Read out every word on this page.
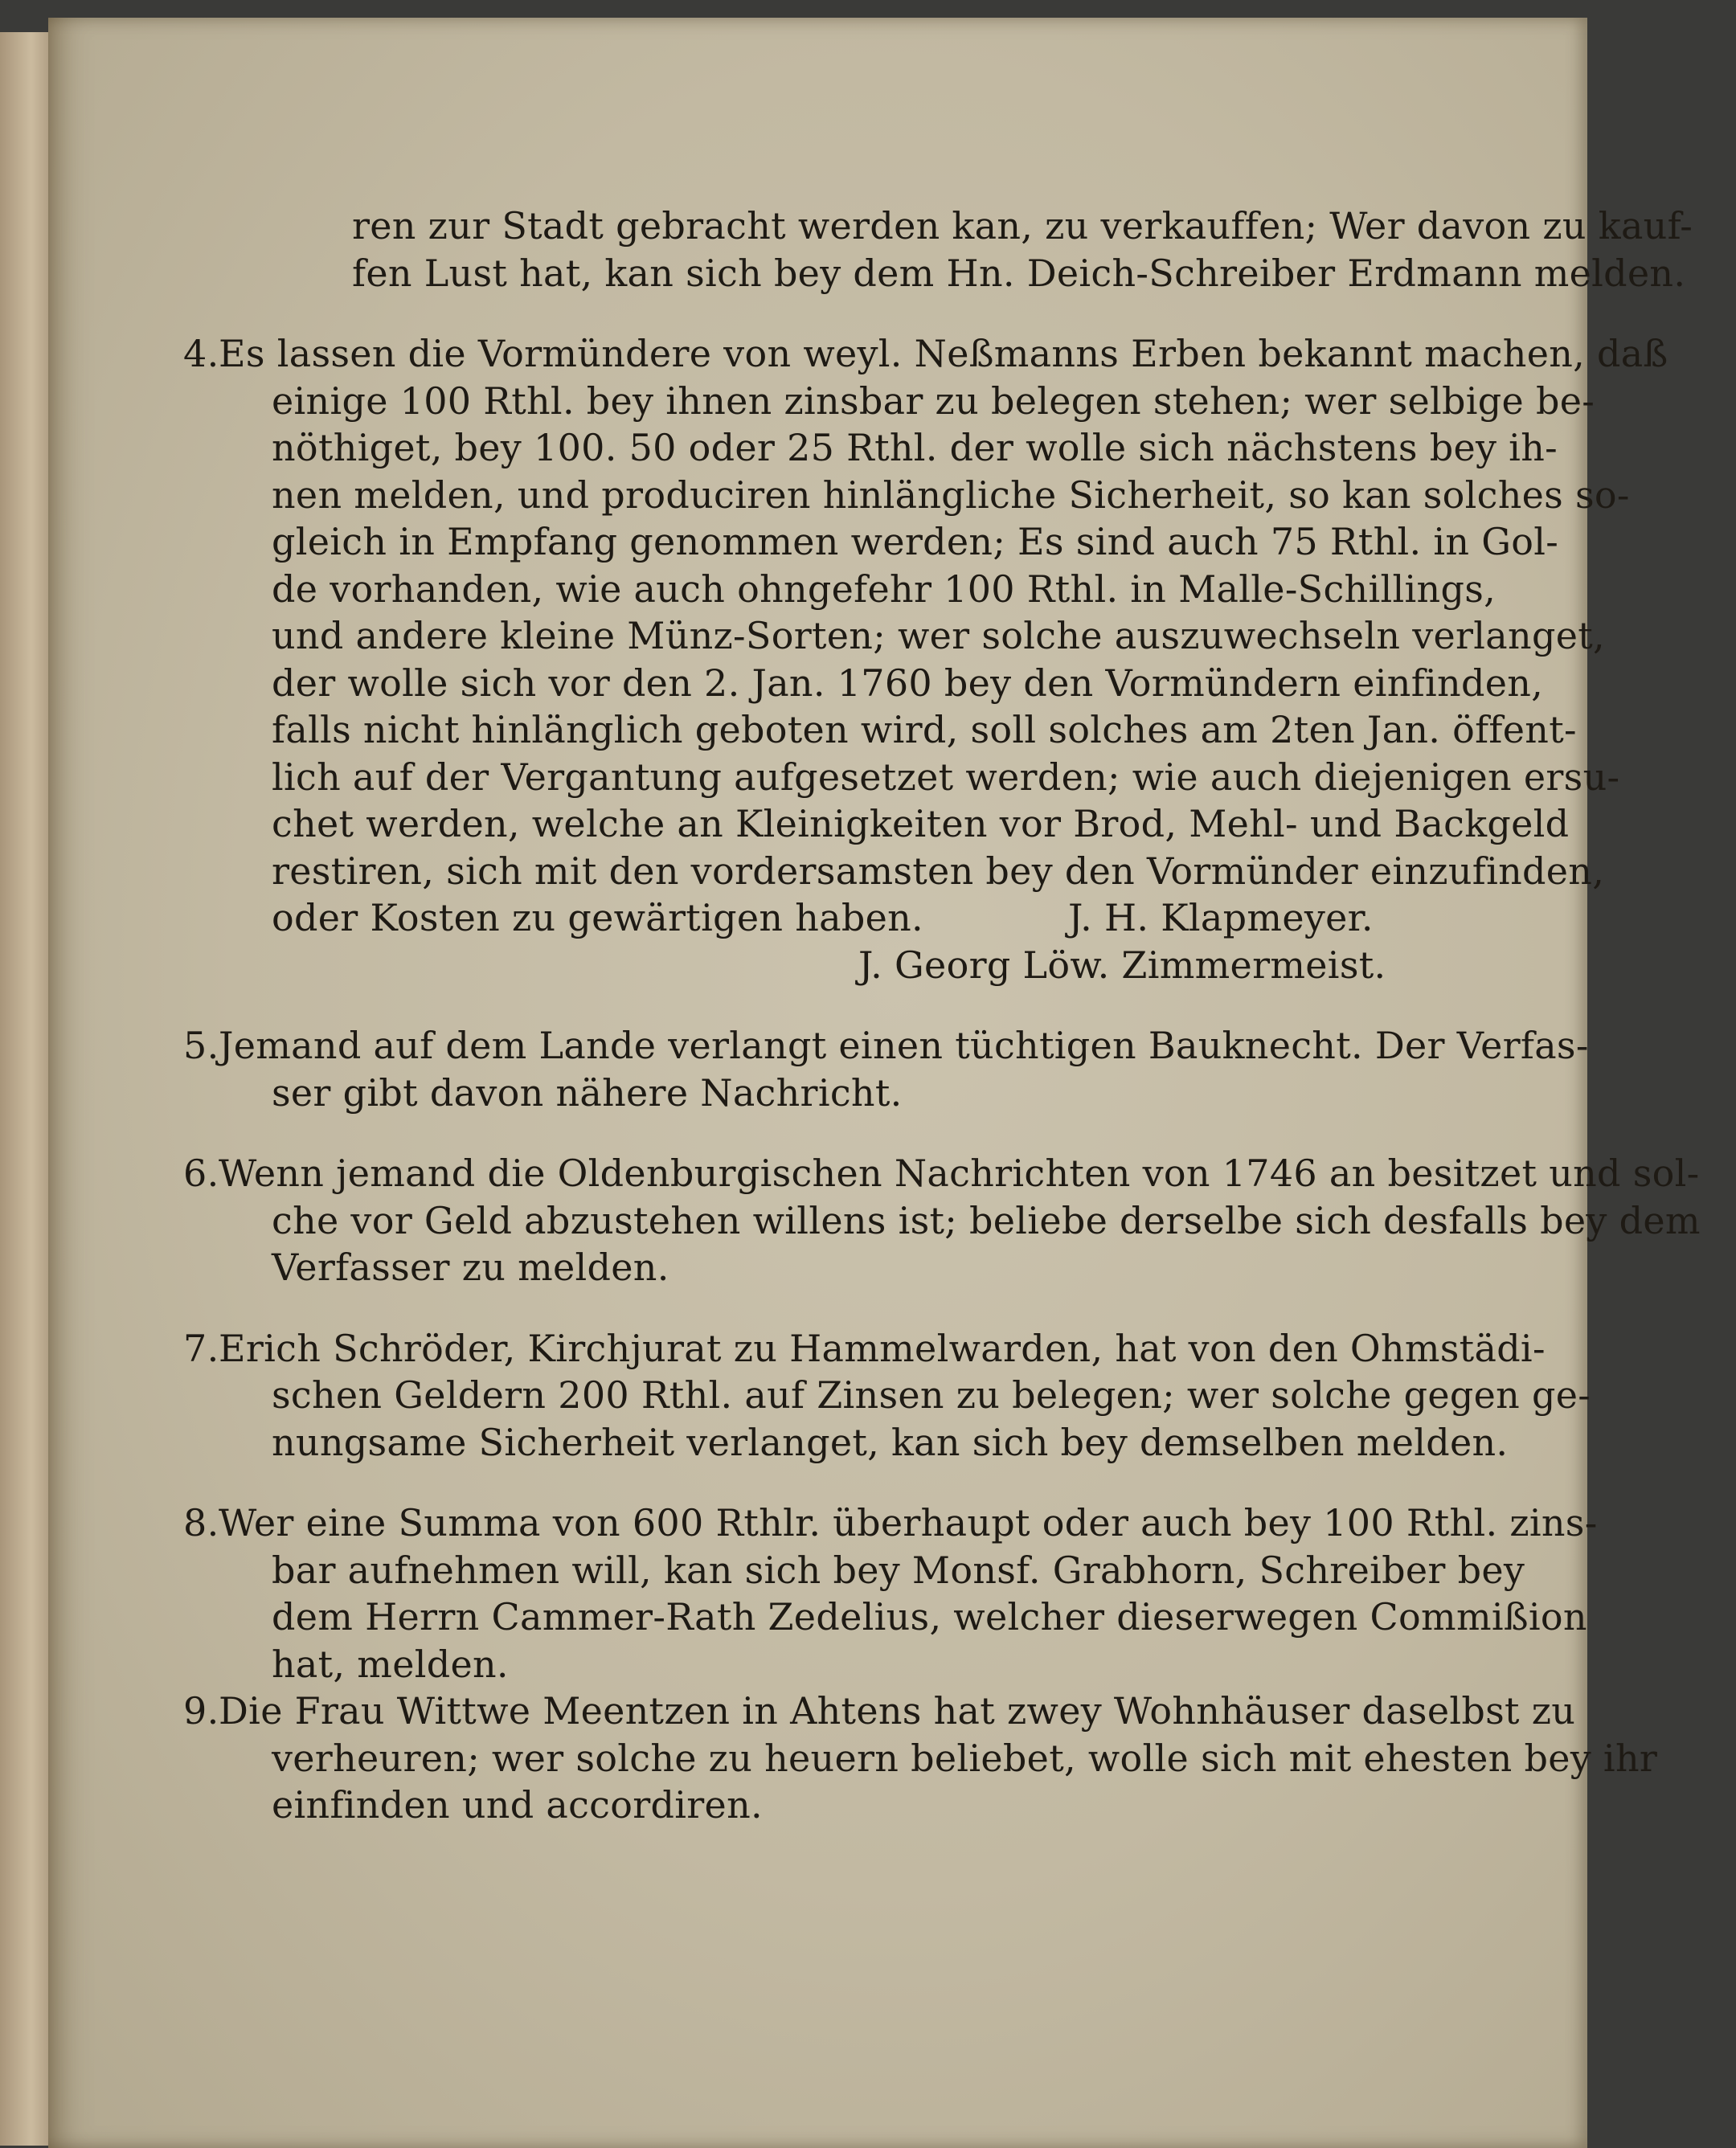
ren zur Stadt gebracht werden kan, zu verkauffen; Wer davon zu kauf-
fen Lust hat, kan sich bey dem Hn. Deich-Schreiber Erdmann melden.
4. Es lassen die Vormündere von weyl. Neßmanns Erben bekannt machen, daß
einige 100 Rthl. bey ihnen zinsbar zu belegen stehen; wer selbige be-
nöthiget, bey 100. 50 oder 25 Rthl. der wolle sich nächstens bey ih-
nen melden, und produciren hinlängliche Sicherheit, so kan solches so-
gleich in Empfang genommen werden; Es sind auch 75 Rthl. in Gol-
de vorhanden, wie auch ohngefehr 100 Rthl. in Malle-Schillings,
und andere kleine Münz-Sorten; wer solche auszuwechseln verlanget,
der wolle sich vor den 2. Jan. 1760 bey den Vormündern einfinden,
falls nicht hinlänglich geboten wird, soll solches am 2ten Jan. öffent-
lich auf der Vergantung aufgesetzet werden; wie auch diejenigen ersu-
chet werden, welche an Kleinigkeiten vor Brod, Mehl- und Backgeld
restiren, sich mit den vordersamsten bey den Vormünder einzufinden,
oder Kosten zu gewärtigen haben.	J. H. Klapmeyer.
J. Georg Löw. Zimmermeist.
5. Jemand auf dem Lande verlangt einen tüchtigen Bauknecht. Der Verfas-
ser gibt davon nähere Nachricht.
6. Wenn jemand die Oldenburgischen Nachrichten von 1746 an besitzet und sol-
che vor Geld abzustehen willens ist; beliebe derselbe sich desfalls bey dem
Verfasser zu melden.
7. Erich Schröder, Kirchjurat zu Hammelwarden, hat von den Ohmstädi-
schen Geldern 200 Rthl. auf Zinsen zu belegen; wer solche gegen ge-
nungsame Sicherheit verlanget, kan sich bey demselben melden.
8. Wer eine Summa von 600 Rthlr. überhaupt oder auch bey 100 Rthl. zins-
bar aufnehmen will, kan sich bey Monsf. Grabhorn, Schreiber bey
dem Herrn Cammer-Rath Zedelius, welcher dieserwegen Commißion
hat, melden.
9. Die Frau Wittwe Meentzen in Ahtens hat zwey Wohnhäuser daselbst zu
verheuren; wer solche zu heuern beliebet, wolle sich mit ehesten bey ihr
einfinden und accordiren.
